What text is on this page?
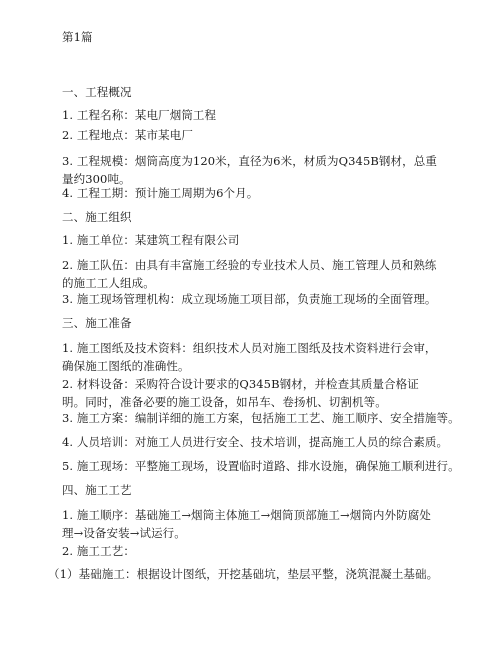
第1篇
一、工程概况
1. 工程名称：某电厂烟筒工程
2. 工程地点：某市某电厂
3. 工程规模：烟筒高度为120米，直径为6米，材质为Q345B钢材，总重量约300吨。
4. 工程工期：预计施工周期为6个月。
二、施工组织
1. 施工单位：某建筑工程有限公司
2. 施工队伍：由具有丰富施工经验的专业技术人员、施工管理人员和熟练的施工工人组成。
3. 施工现场管理机构：成立现场施工项目部，负责施工现场的全面管理。
三、施工准备
1. 施工图纸及技术资料：组织技术人员对施工图纸及技术资料进行会审，确保施工图纸的准确性。
2. 材料设备：采购符合设计要求的Q345B钢材，并检查其质量合格证明。同时，准备必要的施工设备，如吊车、卷扬机、切割机等。
3. 施工方案：编制详细的施工方案，包括施工工艺、施工顺序、安全措施等。
4. 人员培训：对施工人员进行安全、技术培训，提高施工人员的综合素质。
5. 施工现场：平整施工现场，设置临时道路、排水设施，确保施工顺利进行。
四、施工工艺
1. 施工顺序：基础施工→烟筒主体施工→烟筒顶部施工→烟筒内外防腐处理→设备安装→试运行。
2. 施工工艺：
（1）基础施工：根据设计图纸，开挖基础坑，垫层平整，浇筑混凝土基础。
